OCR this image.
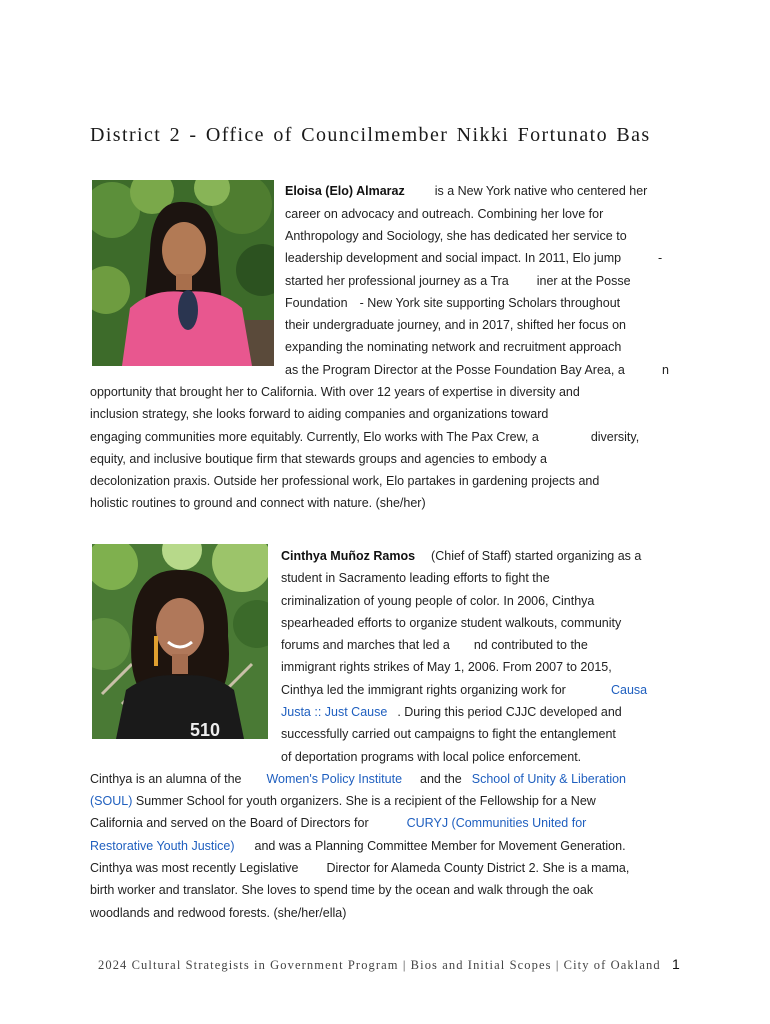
District 2 - Office of Councilmember Nikki Fortunato Bas
Eloisa (Elo) Almaraz is a New York native who centered her
career on advocacy and outreach. Combining her love for
Anthropology and Sociology, she has dedicated her service to
leadership development and social impact. In 2011, Elo jump	-
started her professional journey as a Tra iner at the Posse
Foundation - New York site supporting Scholars throughout
their undergraduate journey, and in 2017, shifted her focus on
expanding the nominating network and recruitment approach
as the Program Director at the Posse Foundation Bay Area, a	n
opportunity that brought her to California. With over 12 years of expertise in diversity and
inclusion strategy, she looks forward to aiding companies and organizations toward
engaging communities more equitably. Currently, Elo works with The Pax Crew, a	diversity,
equity, and inclusive boutique firm that stewards groups and agencies to embody a
decolonization praxis. Outside her professional work, Elo partakes in gardening projects and
holistic routines to ground and connect with nature. (she/her)
510
Cinthya Muñoz Ramos (Chief of Staff) started organizing as a
student in Sacramento leading efforts to fight the
criminalization of young people of color. In 2006, Cinthya
spearheaded efforts to organize student walkouts, community
forums and marches that led a nd contributed to the
immigrant rights strikes of May 1, 2006. From 2007 to 2015,
Cinthya led the immigrant rights organizing work for	Causa
Justa :: Just Cause . During this period CJJC developed and
successfully carried out campaigns to fight the entanglement
of deportation programs with local police enforcement.
Cinthya is an alumna of the Women's Policy Institute and the School of Unity & Liberation
(SOUL) Summer School for youth organizers. She is a recipient of the Fellowship for a New
California and served on the Board of Directors for	CURYJ (Communities United for
Restorative Youth Justice) and was a Planning Committee Member for Movement Generation.
Cinthya was most recently Legislative Director for Alameda County District 2. She is a mama,
birth worker and translator. She loves to spend time by the ocean and walk through the oak
woodlands and redwood forests. (she/her/ella)
2024 Cultural Strategists in Government Program | Bios and Initial Scopes | City of Oakland 1
